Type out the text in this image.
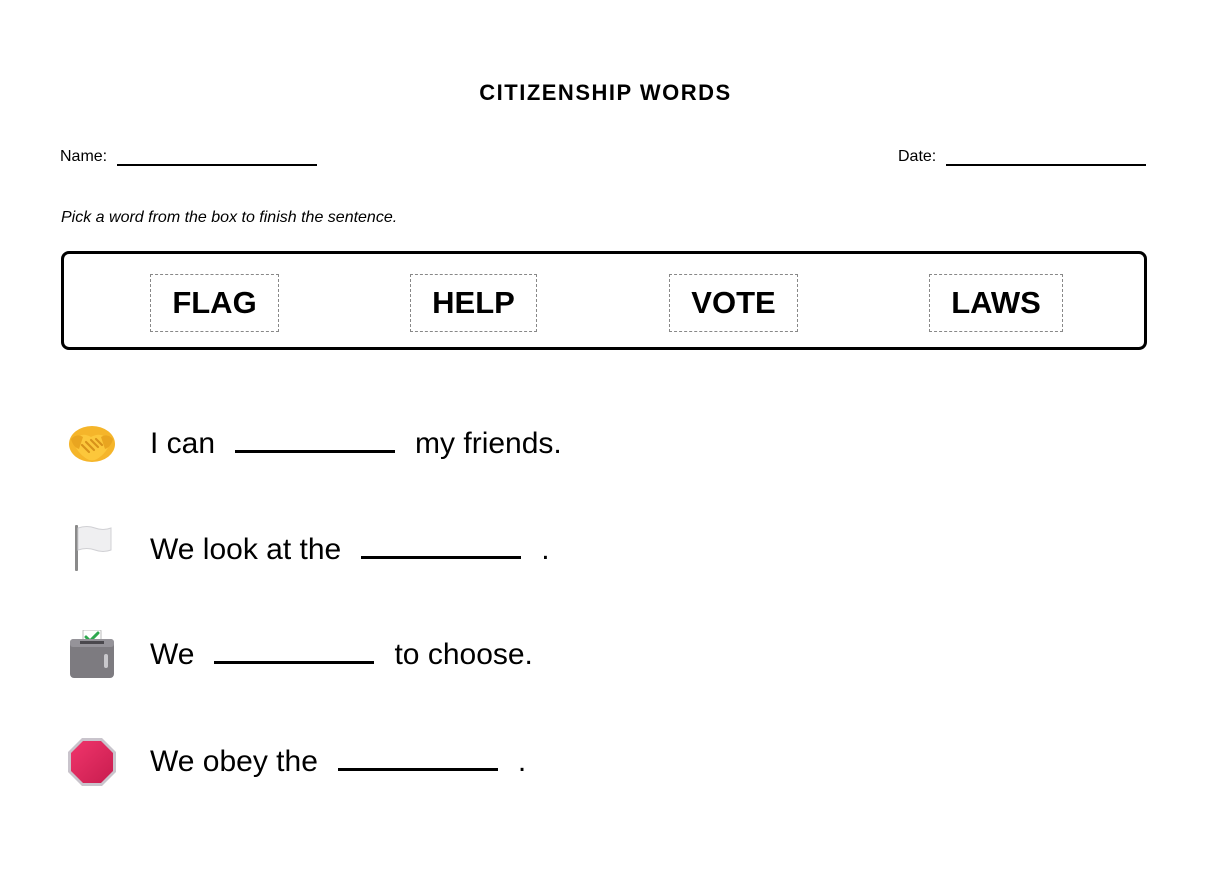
CITIZENSHIP WORDS
Name:	Date:
Pick a word from the box to finish the sentence.
FLAG	HELP	VOTE	LAWS
I can	my friends.
We look at the	.
We	to choose.
We obey the	.
